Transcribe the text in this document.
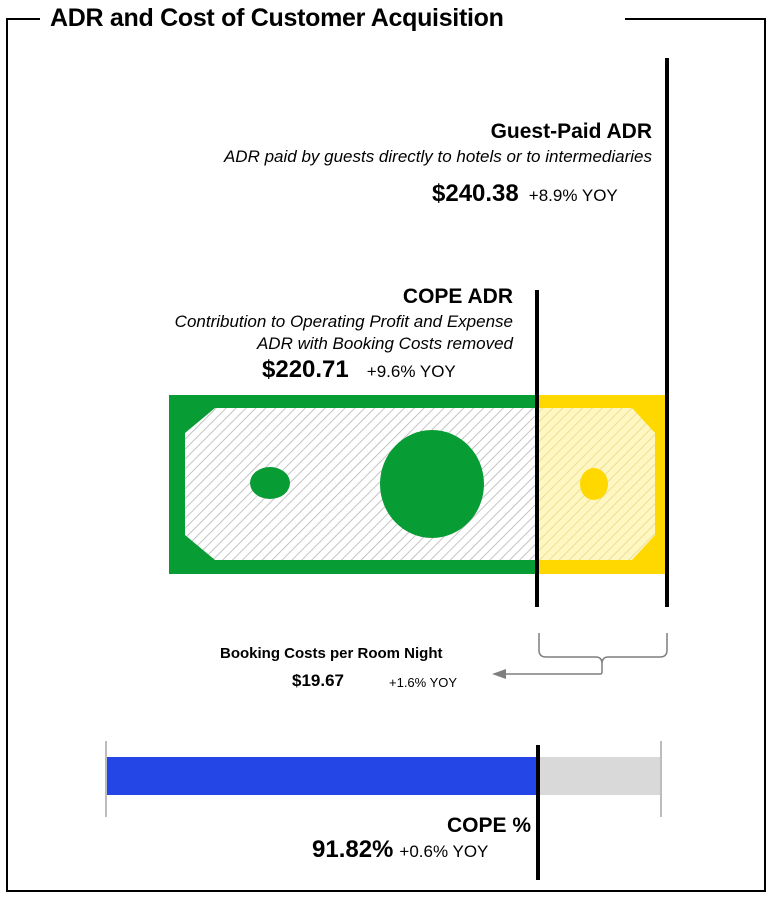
ADR and Cost of Customer Acquisition
Guest-Paid ADR
ADR paid by guests directly to hotels or to intermediaries
$240.38 +8.9% YOY
COPE ADR
Contribution to Operating Profit and Expense
ADR with Booking Costs removed
$220.71 +9.6% YOY
Booking Costs per Room Night
$19.67	+1.6% YOY
COPE %
91.82% +0.6% YOY
